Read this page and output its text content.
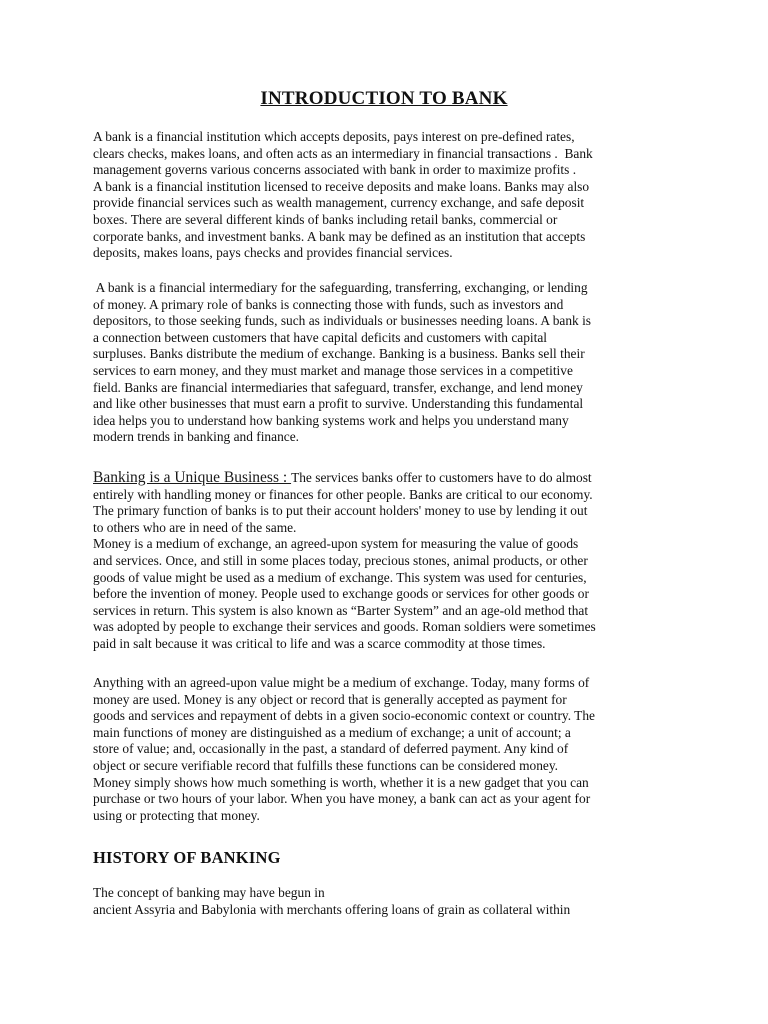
INTRODUCTION TO BANK
A bank is a financial institution which accepts deposits, pays interest on pre-defined rates,
clears checks, makes loans, and often acts as an intermediary in financial transactions .  Bank
management governs various concerns associated with bank in order to maximize profits .
A bank is a financial institution licensed to receive deposits and make loans. Banks may also
provide financial services such as wealth management, currency exchange, and safe deposit
boxes. There are several different kinds of banks including retail banks, commercial or
corporate banks, and investment banks. A bank may be defined as an institution that accepts
deposits, makes loans, pays checks and provides financial services.
A bank is a financial intermediary for the safeguarding, transferring, exchanging, or lending
of money. A primary role of banks is connecting those with funds, such as investors and
depositors, to those seeking funds, such as individuals or businesses needing loans. A bank is
a connection between customers that have capital deficits and customers with capital
surpluses. Banks distribute the medium of exchange. Banking is a business. Banks sell their
services to earn money, and they must market and manage those services in a competitive
field. Banks are financial intermediaries that safeguard, transfer, exchange, and lend money
and like other businesses that must earn a profit to survive. Understanding this fundamental
idea helps you to understand how banking systems work and helps you understand many
modern trends in banking and finance.
Banking is a Unique Business : The services banks offer to customers have to do almost
entirely with handling money or finances for other people. Banks are critical to our economy.
The primary function of banks is to put their account holders' money to use by lending it out
to others who are in need of the same.
Money is a medium of exchange, an agreed-upon system for measuring the value of goods
and services. Once, and still in some places today, precious stones, animal products, or other
goods of value might be used as a medium of exchange. This system was used for centuries,
before the invention of money. People used to exchange goods or services for other goods or
services in return. This system is also known as “Barter System” and an age-old method that
was adopted by people to exchange their services and goods. Roman soldiers were sometimes
paid in salt because it was critical to life and was a scarce commodity at those times.
Anything with an agreed-upon value might be a medium of exchange. Today, many forms of
money are used. Money is any object or record that is generally accepted as payment for
goods and services and repayment of debts in a given socio-economic context or country. The
main functions of money are distinguished as a medium of exchange; a unit of account; a
store of value; and, occasionally in the past, a standard of deferred payment. Any kind of
object or secure verifiable record that fulfills these functions can be considered money.
Money simply shows how much something is worth, whether it is a new gadget that you can
purchase or two hours of your labor. When you have money, a bank can act as your agent for
using or protecting that money.
HISTORY OF BANKING
The concept of banking may have begun in
ancient Assyria and Babylonia with merchants offering loans of grain as collateral within
